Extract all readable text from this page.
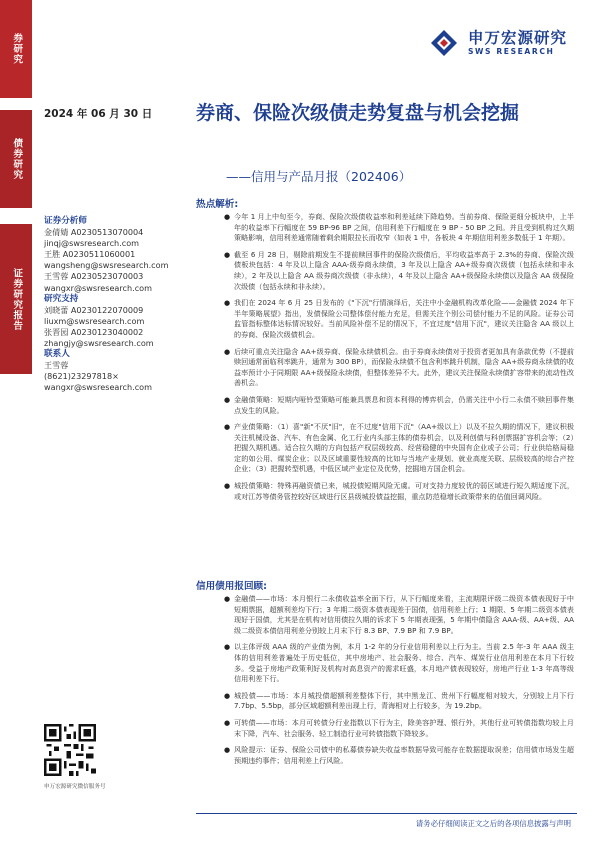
券研究
债券研究
证券研究报告
申万宏源研究
SWS RESEARCH
2024 年 06 月 30 日 券商、保险次级债走势复盘与机会挖掘
——信用与产品月报（202406）
证券分析师
金倩婧 A0230513070004
jinqj@swsresearch.com
王胜 A0230511060001
wangsheng@swsresearch.com
王雪蓉 A0230523070003
wangxr@swsresearch.com
研究支持
刘晓蕾 A0230122070009
liuxm@swsresearch.com
张晋园 A0230123040002
zhangjy@swsresearch.com
联系人
王雪蓉
(8621)23297818×
wangxr@swsresearch.com
申万宏源研究微信服务号
热点解析:
● 今年 1 月上中旬至今，券商、保险次级债收益率和利差延续下降趋势。当前券商、保险更细分板块中，上半年的收益率下行幅度在 59 BP-96 BP 之间，信用利差下行幅度在 9 BP - 50 BP 之间。并且受到机构过久期策略影响，信用利差通常随着剩余期限拉长而收窄（如表 1 中，各板块 4 年期信用利差多数低于 1 年期）。
● 截至 6 月 28 日，剔除前期发生不提前赎回事件的保险次级债后，平均收益率高于 2.3%的券商、保险次级债板块包括：4 年及以上隐含 AAA-级券商永续债，3 年及以上隐含 AA+级券商次级债（包括永续和非永续），2 年及以上隐含 AA 级券商次级债（非永续），4 年及以上隐含 AA+级保险永续债以及隐含 AA 级保险次级债（包括永续和非永续）。
● 我们在 2024 年 6 月 25 日发布的《"下沉"行情演绎后，关注中小金融机构改革化险——金融债 2024 年下半年策略展望》指出，发债保险公司整体偿付能力充足，但需关注个别公司偿付能力不足的风险。证券公司监管指标整体达标情况较好。当前风险补偿不足的情况下，不宜过度"信用下沉"，建议关注隐含 AA 级以上的券商、保险次级债机会。
● 后续可重点关注隐含 AA+级券商、保险永续债机会。由于券商永续债对于投资者更加具有条款优势（不提前赎回通常面临利率跳升，通常为 300 BP），而保险永续债不包含利率跳升机制，隐含 AA+级券商永续债的收益率预计小于同期限 AA+级保险永续债，但整体差异不大。此外，建议关注保险永续债扩容带来的流动性改善机会。
● 金融债策略：短期内哑铃型策略可能兼具票息和资本利得的博弈机会，仍需关注中小行二永债不赎回事件集点发生的风险。
● 产业债策略：（1）喜"新"不厌"旧"，在不过度"信用下沉"（AA+级以上）以及不拉久期的情况下，建议积极关注机械设备、汽车、有色金属、化工行业内头部主体的债券机会，以及利创债与科创票据扩容机会等；（2）把握久期机遇。适合拉久期的方向包括产权层级较高、经营稳健的中央国有企业或子公司；行业供给格局稳定的如公用、煤炭企业；以及区域重要性较高的比如与当地产业规划、就业高度关联、层级较高的综合产控企业；（3）把握转型机遇，中低区域产业定位及优势，挖掘地方国企机会。
● 城投债策略：特殊再融资债已来，城投债短期风险无虞。可对支持力度较优的弱区域进行短久期适度下沉，或对江苏等债务管控较好区域进行区县级城投债益挖掘，重点防范稳增长政策带来的估值回调风险。
信用债用报回顾:
● 金融债——市场：本月银行二永债收益率全面下行，从下行幅度来看，主流期限评级二级资本债表现好于中短期票据，超额利差均下行；3 年期二级资本债表现差于国债，信用利差上行；1 期限、5 年期二级资本债表现好于国债，尤其是在机构对信用债拉久期的诉求下 5 年期表现强，5 年期中债隐含 AAA-级、AA+级、AA 级二级资本债信用利差分别较上月末下行 8.3 BP、7.9 BP 和 7.9 BP。
● 以主体评级 AAA 级的产业债为例，本月 1-2 年的分行业信用利差以上行为主。当前 2.5 年-3 年 AAA 级主体的信用利差普遍处于历史低位，其中房地产、社会服务、综合、汽车、煤炭行业信用利差在本月下行较多。受益于房地产政策利好及机构对高息资产的需求旺盛，本月地产债表现较好，房地产行业 1-3 年高等级信用利差下行。
● 城投债——市场：本月城投债超额利差整体下行，其中黑龙江、贵州下行幅度相对较大，分别较上月下行 7.7bp、5.5bp，部分区域超额利差出现上行，青海相对上行较多，为 19.2bp。
● 可转债——市场：本月可转债分行业指数以下行为主，除美容护理、银行外，其他行业可转债指数均较上月末下降，汽车、社会服务、轻工制造行业可转债指数下降较多。
● 风险提示：证券、保险公司债中的私募债券缺失收益率数据导致可能存在数据提取误差；信用债市场发生超预期违约事件；信用利差上行风险。
请务必仔细阅读正文之后的各项信息披露与声明
